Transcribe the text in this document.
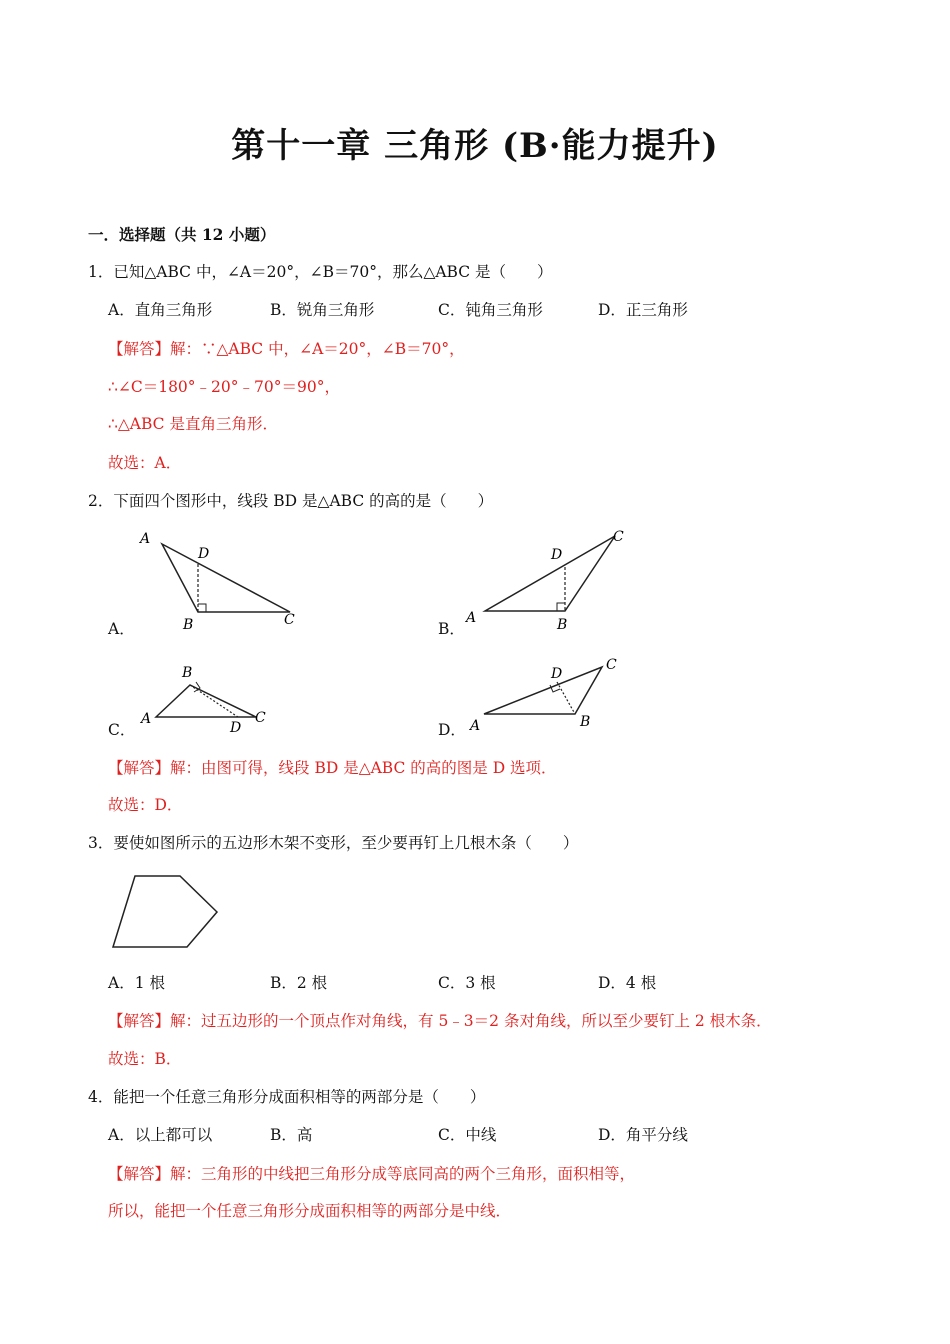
第十一章 三角形 (B·能力提升)
一．选择题（共 12 小题）
1．已知△ABC 中，∠A＝20°，∠B＝70°，那么△ABC 是（　　）
A．直角三角形	B．锐角三角形	C．钝角三角形	D．正三角形
【解答】解：∵△ABC 中，∠A＝20°，∠B＝70°，
∴∠C＝180°﹣20°﹣70°＝90°，
∴△ABC 是直角三角形．
故选：A．
2．下面四个图形中，线段 BD 是△ABC 的高的是（　　）
A．
A
D
B	C	B．
D
C
A	B
C．
B
A
D
C
D．
D
C
A	B
【解答】解：由图可得，线段 BD 是△ABC 的高的图是 D 选项．
故选：D．
3．要使如图所示的五边形木架不变形，至少要再钉上几根木条（　　）
A．1 根	B．2 根	C．3 根	D．4 根
【解答】解：过五边形的一个顶点作对角线，有 5﹣3＝2 条对角线，所以至少要钉上 2 根木条．
故选：B．
4．能把一个任意三角形分成面积相等的两部分是（　　）
A．以上都可以	B．高	C．中线	D．角平分线
【解答】解：三角形的中线把三角形分成等底同高的两个三角形，面积相等，
所以，能把一个任意三角形分成面积相等的两部分是中线．
